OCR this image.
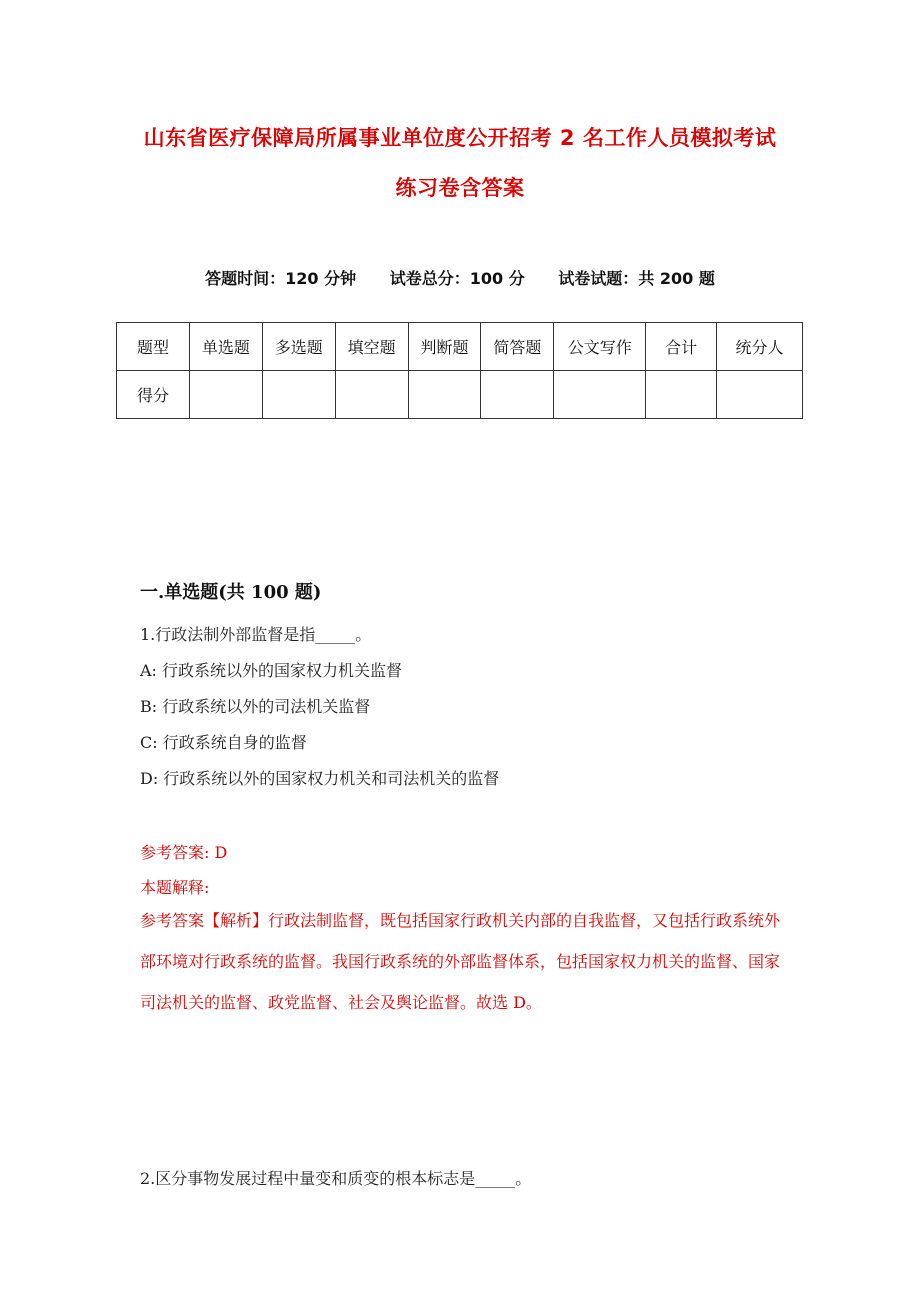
山东省医疗保障局所属事业单位度公开招考 2 名工作人员模拟考试
练习卷含答案
答题时间：120 分钟 试卷总分：100 分 试卷试题：共 200 题
题型	单选题	多选题	填空题	判断题	简答题	公文写作	合计	统分人
得分								
一.单选题(共 100 题)
1.行政法制外部监督是指_____。
A: 行政系统以外的国家权力机关监督
B: 行政系统以外的司法机关监督
C: 行政系统自身的监督
D: 行政系统以外的国家权力机关和司法机关的监督
参考答案: D
本题解释:
参考答案【解析】行政法制监督，既包括国家行政机关内部的自我监督，又包括行政系统外部环境对行政系统的监督。我国行政系统的外部监督体系，包括国家权力机关的监督、国家司法机关的监督、政党监督、社会及舆论监督。故选 D。
2.区分事物发展过程中量变和质变的根本标志是_____。
